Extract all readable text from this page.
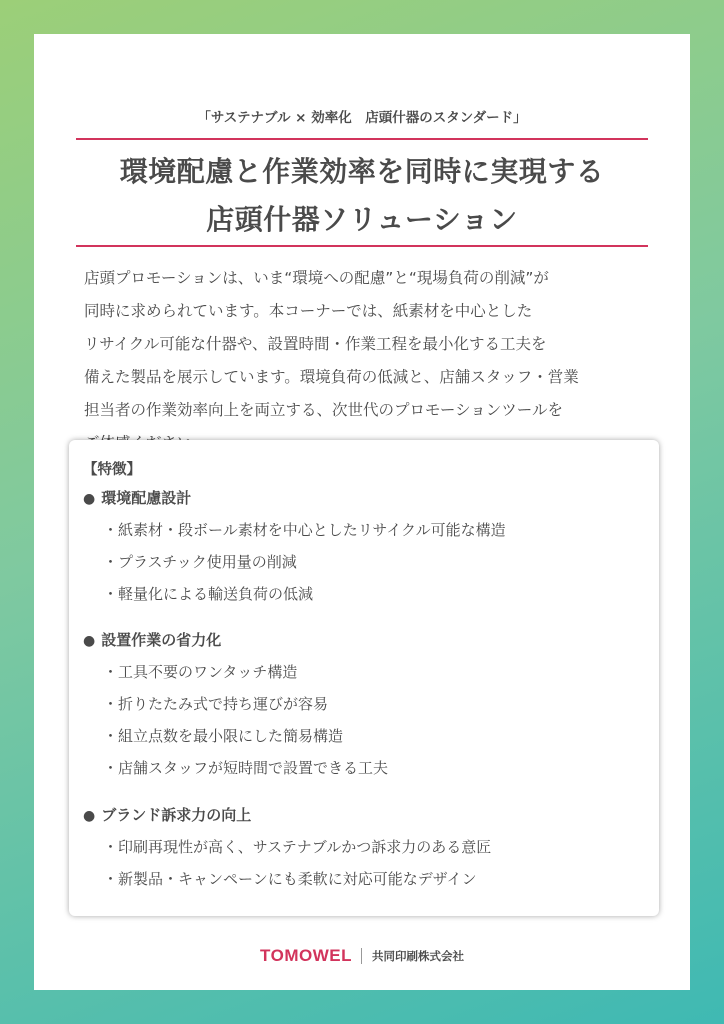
「サステナブル × 効率化　店頭什器のスタンダード」
環境配慮と作業効率を同時に実現する
店頭什器ソリューション
店頭プロモーションは、いま“環境への配慮”と“現場負荷の削減”が
同時に求められています。本コーナーでは、紙素材を中心とした
リサイクル可能な什器や、設置時間・作業工程を最小化する工夫を
備えた製品を展示しています。環境負荷の低減と、店舗スタッフ・営業
担当者の作業効率向上を両立する、次世代のプロモーションツールを
【特徴】
● 環境配慮設計
・紙素材・段ボール素材を中心としたリサイクル可能な構造
・プラスチック使用量の削減
・軽量化による輸送負荷の低減
● 設置作業の省力化
・工具不要のワンタッチ構造
・折りたたみ式で持ち運びが容易
・組立点数を最小限にした簡易構造
・店舗スタッフが短時間で設置できる工夫
● ブランド訴求力の向上
・印刷再現性が高く、サステナブルかつ訴求力のある意匠
・新製品・キャンペーンにも柔軟に対応可能なデザイン
TOMOWEL 共同印刷株式会社
